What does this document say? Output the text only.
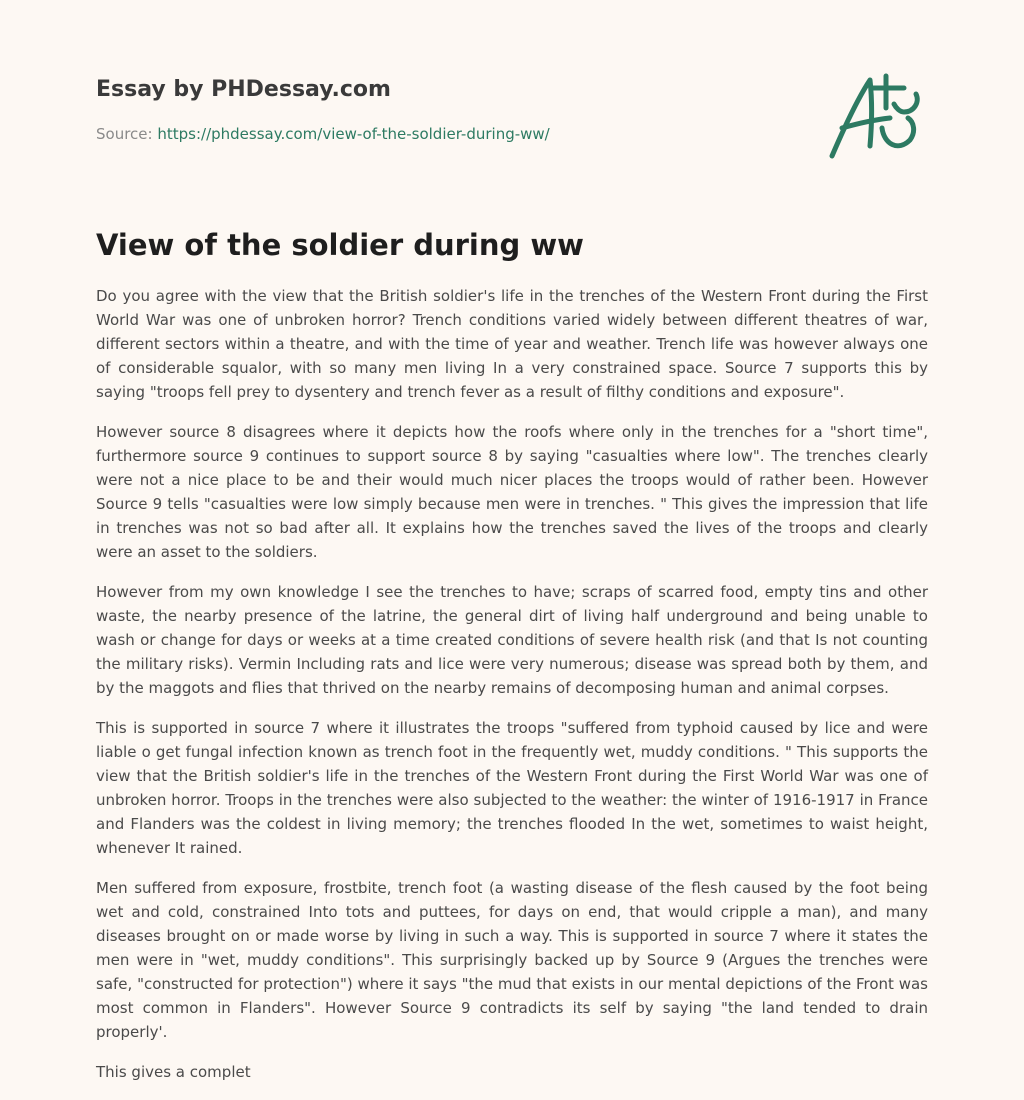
Essay by PHDessay.com
Source: https://phdessay.com/view-of-the-soldier-during-ww/
View of the soldier during ww

Do you agree with the view that the British soldier's life in the trenches of the Western Front during the First World War was one of unbroken horror? Trench conditions varied widely between different theatres of war, different sectors within a theatre, and with the time of year and weather. Trench life was however always one of considerable squalor, with so many men living In a very constrained space. Source 7 supports this by saying "troops fell prey to dysentery and trench fever as a result of filthy conditions and exposure".

However source 8 disagrees where it depicts how the roofs where only in the trenches for a "short time", furthermore source 9 continues to support source 8 by saying "casualties where low". The trenches clearly were not a nice place to be and their would much nicer places the troops would of rather been. However Source 9 tells "casualties were low simply because men were in trenches. " This gives the impression that life in trenches was not so bad after all. It explains how the trenches saved the lives of the troops and clearly were an asset to the soldiers.

However from my own knowledge I see the trenches to have; scraps of scarred food, empty tins and other waste, the nearby presence of the latrine, the general dirt of living half underground and being unable to wash or change for days or weeks at a time created conditions of severe health risk (and that Is not counting the military risks). Vermin Including rats and lice were very numerous; disease was spread both by them, and by the maggots and flies that thrived on the nearby remains of decomposing human and animal corpses.

This is supported in source 7 where it illustrates the troops "suffered from typhoid caused by lice and were liable o get fungal infection known as trench foot in the frequently wet, muddy conditions. " This supports the view that the British soldier's life in the trenches of the Western Front during the First World War was one of unbroken horror. Troops in the trenches were also subjected to the weather: the winter of 1916-1917 in France and Flanders was the coldest in living memory; the trenches flooded In the wet, sometimes to waist height, whenever It rained.

Men suffered from exposure, frostbite, trench foot (a wasting disease of the flesh caused by the foot being wet and cold, constrained Into tots and puttees, for days on end, that would cripple a man), and many diseases brought on or made worse by living in such a way. This is supported in source 7 where it states the men were in "wet, muddy conditions". This surprisingly backed up by Source 9 (Argues the trenches were safe, "constructed for protection") where it says "the mud that exists in our mental depictions of the Front was most common in Flanders". However Source 9 contradicts its self by saying "the land tended to drain properly'.

This gives a complet
